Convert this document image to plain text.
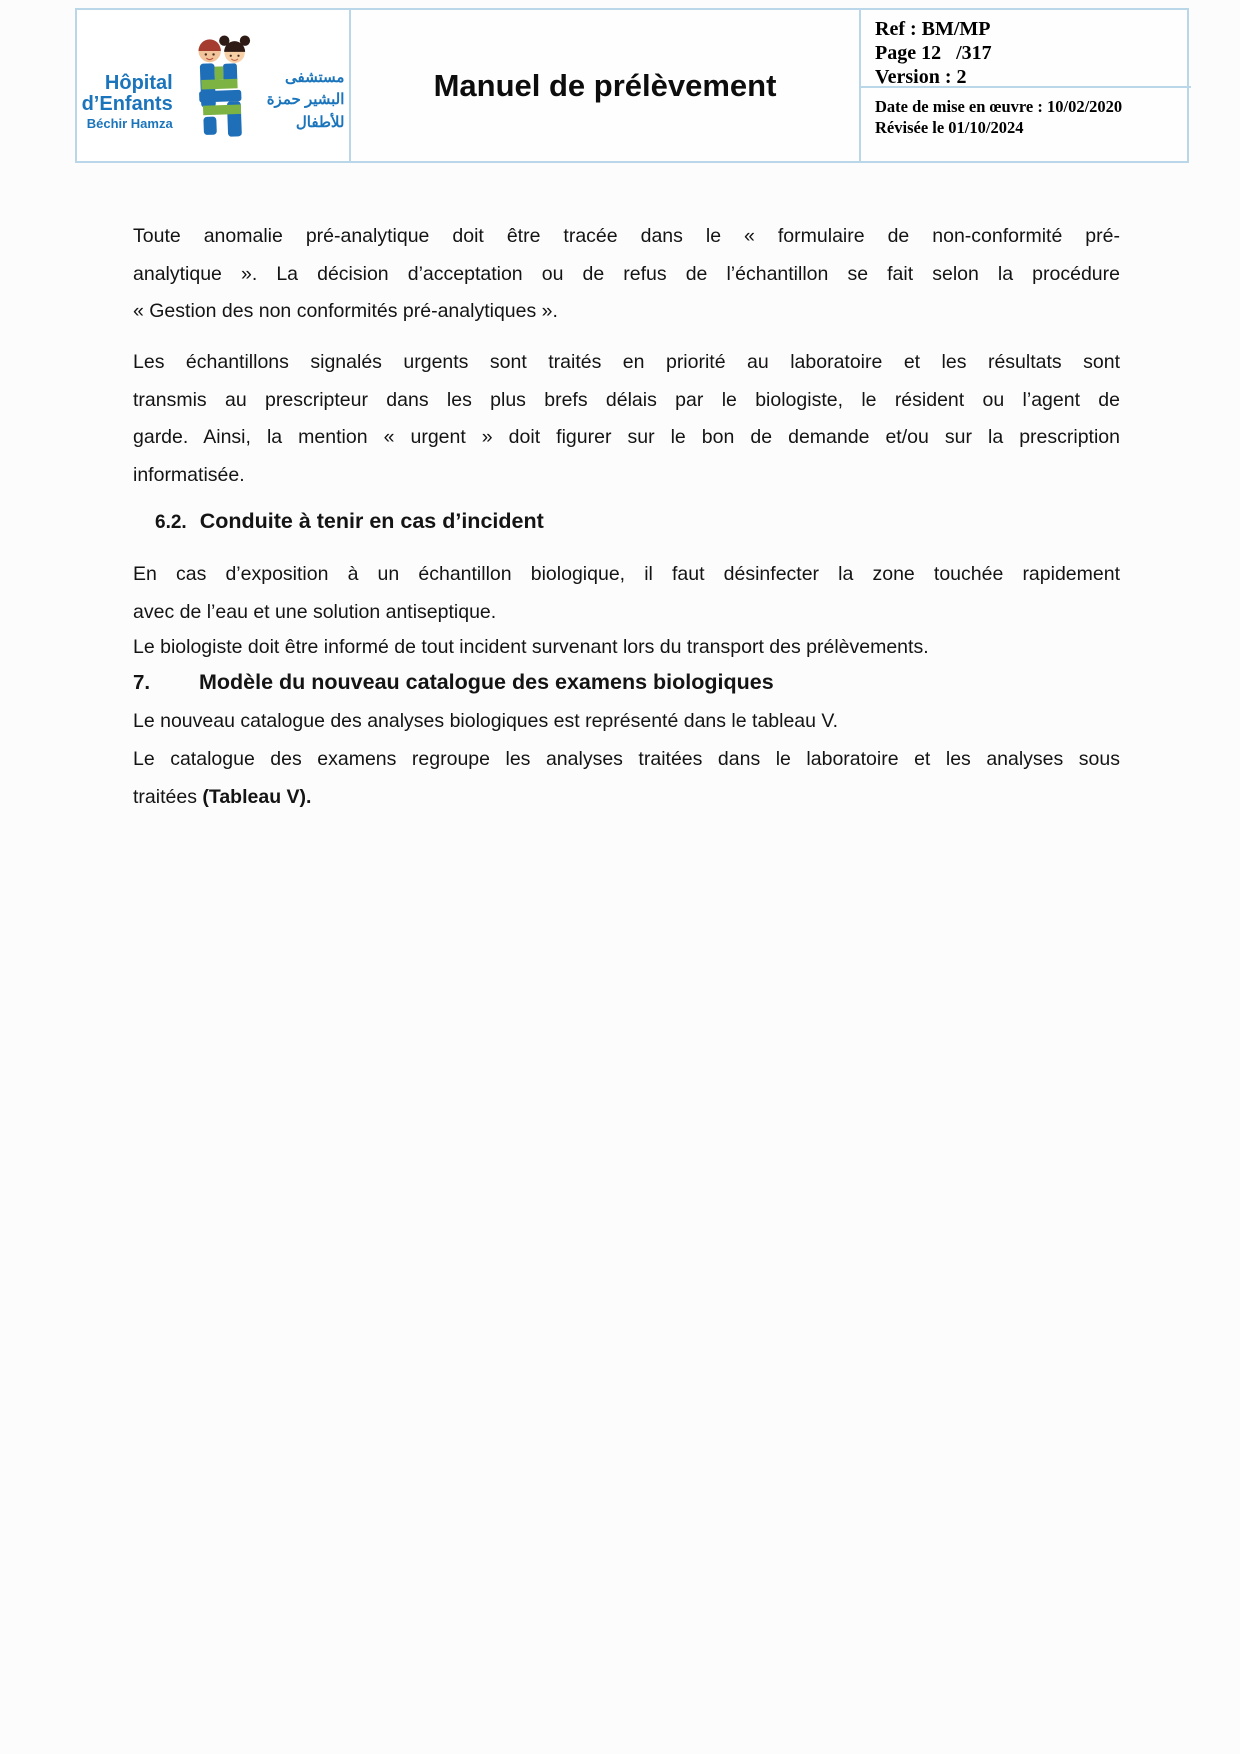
Hôpital
d’Enfants
Béchir Hamza
مستشفى
البشير حمزة
للأطفال
Manuel de prélèvement
Ref : BM/MP
Page 12   /317
Version : 2
Date de mise en œuvre : 10/02/2020
Révisée le 01/10/2024
Toute anomalie pré-analytique doit être tracée dans le « formulaire de non-conformité pré-
analytique ». La décision d’acceptation ou de refus de l’échantillon se fait selon la procédure
« Gestion des non conformités pré-analytiques ».
Les échantillons signalés urgents sont traités en priorité au laboratoire et les résultats sont
transmis au prescripteur dans les plus brefs délais par le biologiste, le résident ou l’agent de
garde. Ainsi, la mention « urgent » doit figurer sur le bon de demande et/ou sur la prescription
informatisée.
6.2. Conduite à tenir en cas d’incident
En cas d’exposition à un échantillon biologique, il faut désinfecter la zone touchée rapidement
avec de l’eau et une solution antiseptique.
Le biologiste doit être informé de tout incident survenant lors du transport des prélèvements.
7. Modèle du nouveau catalogue des examens biologiques
Le nouveau catalogue des analyses biologiques est représenté dans le tableau V.
Le catalogue des examens regroupe les analyses traitées dans le laboratoire et les analyses sous
traitées (Tableau V).
